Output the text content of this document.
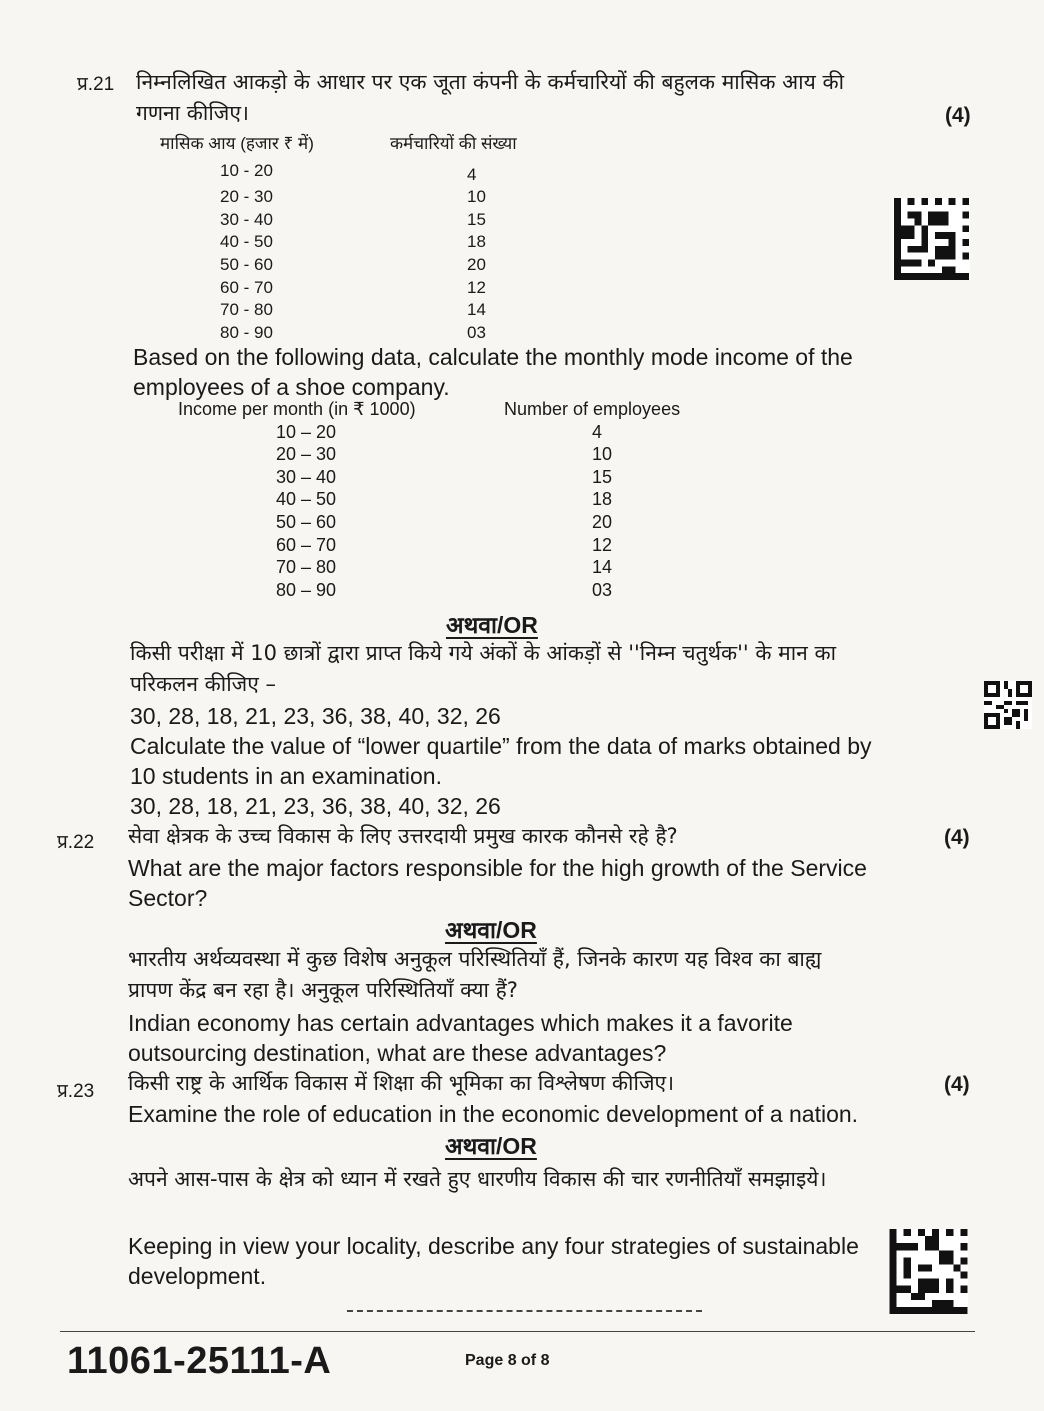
प्र.21 निम्नलिखित आकड़ो के आधार पर एक जूता कंपनी के कर्मचारियों की बहुलक मासिक आय की गणना कीजिए।	(4)
मासिक आय (हजार ₹ में)	कर्मचारियों की संख्या
10 - 20	4
20 - 30	10
30 - 40	15
40 - 50	18
50 - 60	20
60 - 70	12
70 - 80	14
80 - 90	03
Based on the following data, calculate the monthly mode income of the employees of a shoe company.
Income per month (in ₹ 1000)	Number of employees
10 – 20	4
20 – 30	10
30 – 40	15
40 – 50	18
50 – 60	20
60 – 70	12
70 – 80	14
80 – 90	03
अथवा/OR
किसी परीक्षा में 10 छात्रों द्वारा प्राप्त किये गये अंकों के आंकड़ों से ''निम्न चतुर्थक'' के मान का परिकलन कीजिए –
30, 28, 18, 21, 23, 36, 38, 40, 32, 26
Calculate the value of “lower quartile” from the data of marks obtained by 10 students in an examination.
30, 28, 18, 21, 23, 36, 38, 40, 32, 26
प्र.22 सेवा क्षेत्रक के उच्च विकास के लिए उत्तरदायी प्रमुख कारक कौनसे रहे है?	(4)
What are the major factors responsible for the high growth of the Service Sector?
अथवा/OR
भारतीय अर्थव्यवस्था में कुछ विशेष अनुकूल परिस्थितियाँ हैं, जिनके कारण यह विश्व का बाह्य प्रापण केंद्र बन रहा है। अनुकूल परिस्थितियाँ क्या हैं?
Indian economy has certain advantages which makes it a favorite outsourcing destination, what are these advantages?
प्र.23 किसी राष्ट्र के आर्थिक विकास में शिक्षा की भूमिका का विश्लेषण कीजिए।	(4)
Examine the role of education in the economic development of a nation.
अथवा/OR
अपने आस-पास के क्षेत्र को ध्यान में रखते हुए धारणीय विकास की चार रणनीतियाँ समझाइये।
Keeping in view your locality, describe any four strategies of sustainable development.
11061-25111-A	Page 8 of 8
